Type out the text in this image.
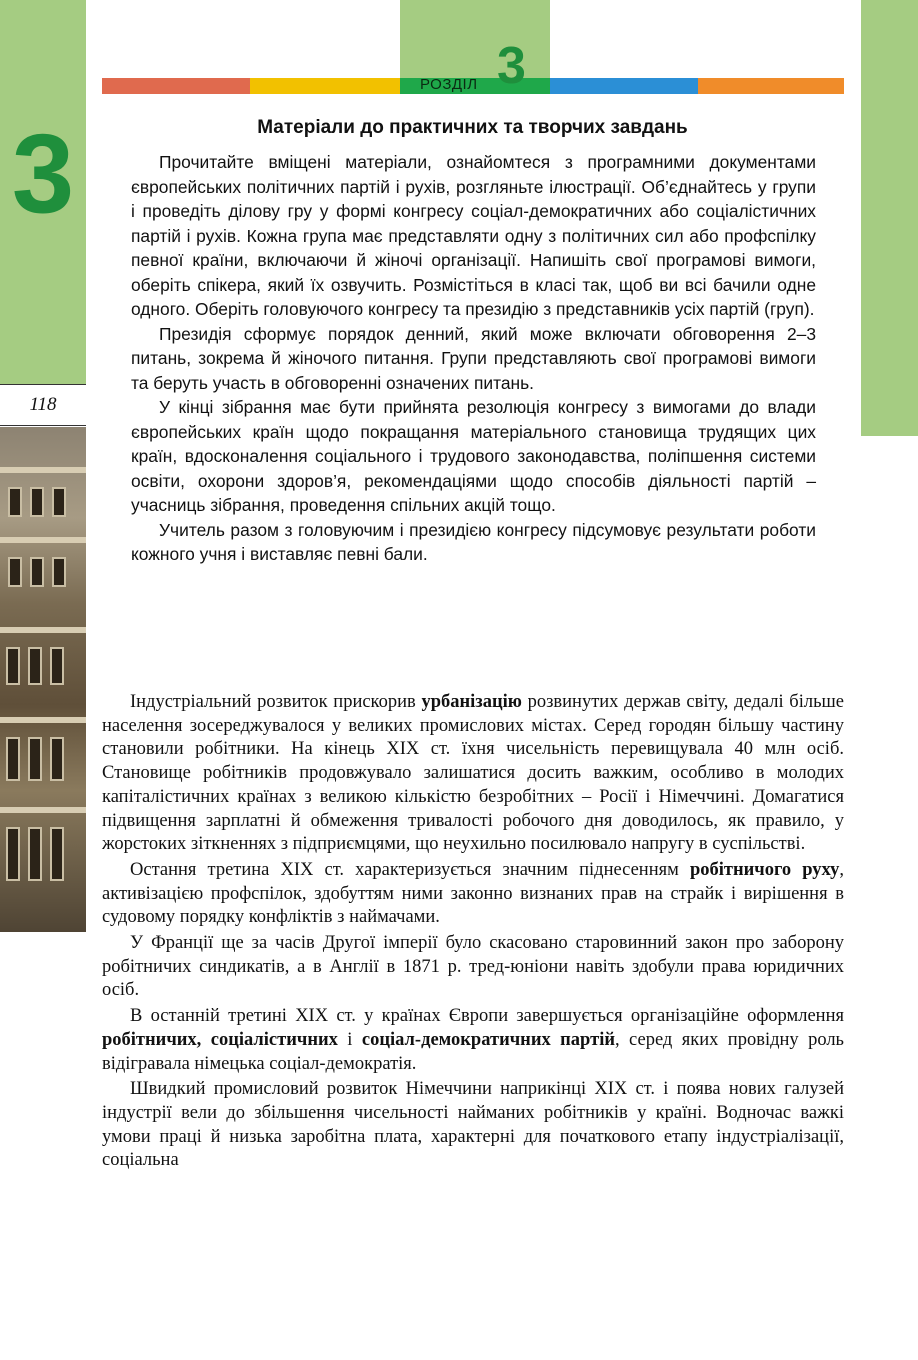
3
118
РОЗДІЛ 3
Матеріали до практичних та творчих завдань

Прочитайте вміщені матеріали, ознайомтеся з програмними документами європейських політичних партій і рухів, розгляньте ілюстрації. Об’єднайтесь у групи і проведіть ділову гру у формі конгресу соціал-демократичних або соціалістичних партій і рухів. Кожна група має представляти одну з політичних сил або профспілку певної країни, включаючи й жіночі організації. Напишіть свої програмові вимоги, оберіть спікера, який їх озвучить. Розмістіться в класі так, щоб ви всі бачили одне одного. Оберіть головуючого конгресу та президію з представників усіх партій (груп).

Президія сформує порядок денний, який може включати обговорення 2–3 питань, зокрема й жіночого питання. Групи представляють свої програмові вимоги та беруть участь в обговоренні означених питань.

У кінці зібрання має бути прийнята резолюція конгресу з вимогами до влади європейських країн щодо покращання матеріального становища трудящих цих країн, вдосконалення соціального і трудового законодавства, поліпшення системи освіти, охорони здоров’я, рекомендаціями щодо способів діяльності партій – учасниць зібрання, проведення спільних акцій тощо.

Учитель разом з головуючим і президією конгресу підсумовує результати роботи кожного учня і виставляє певні бали.

Індустріальний розвиток прискорив урбанізацію розвинутих держав світу, дедалі більше населення зосереджувалося у великих промислових містах. Серед городян більшу частину становили робітники. На кінець XIX ст. їхня чисельність перевищувала 40 млн осіб. Становище робітників продовжувало залишатися досить важким, особливо в молодих капіталістичних країнах з великою кількістю безробітних – Росії і Німеччині. Домагатися підвищення зарплатні й обмеження тривалості робочого дня доводилось, як правило, у жорстоких зіткненнях з підприємцями, що неухильно посилювало напругу в суспільстві.

Остання третина XIX ст. характеризується значним піднесенням робітничого руху, активізацією профспілок, здобуттям ними законно визнаних прав на страйк і вирішення в судовому порядку конфліктів з наймачами.

У Франції ще за часів Другої імперії було скасовано старовинний закон про заборону робітничих синдикатів, а в Англії в 1871 р. тред-юніони навіть здобули права юридичних осіб.

В останній третині XIX ст. у країнах Європи завершується організаційне оформлення робітничих, соціалістичних і соціал-демократичних партій, серед яких провідну роль відігравала німецька соціал-демократія.

Швидкий промисловий розвиток Німеччини наприкінці XIX ст. і поява нових галузей індустрії вели до збільшення чисельності найманих робітників у країні. Водночас важкі умови праці й низька заробітна плата, характерні для початкового етапу індустріалізації, соціальна
